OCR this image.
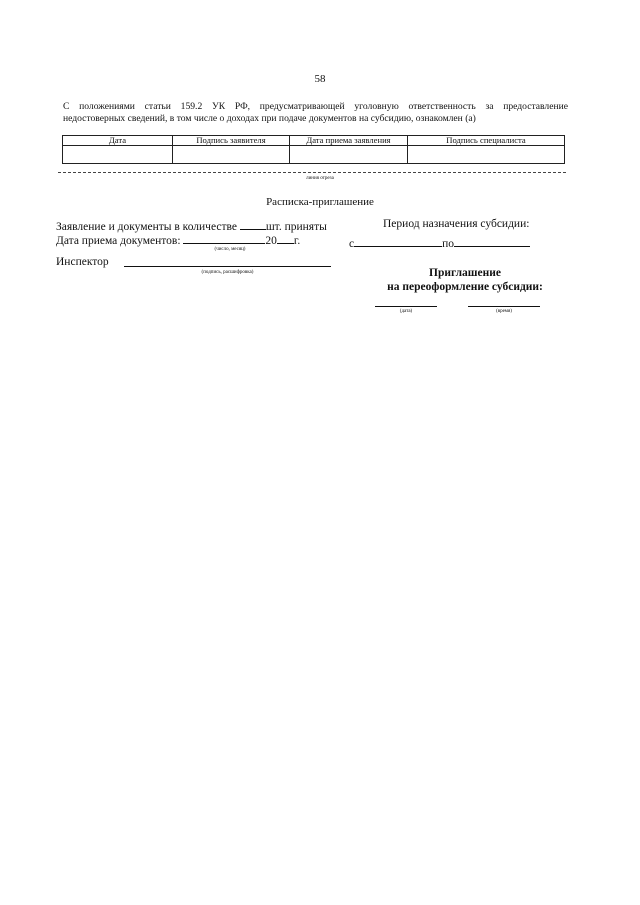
58
С положениями статьи 159.2 УК РФ, предусматривающей уголовную ответственность за предоставление
недостоверных сведений, в том числе о доходах при подаче документов на субсидию, ознакомлен (а)
Дата	Подпись заявителя	Дата приема заявления	Подпись специалиста

линия отреза
Расписка-приглашение
Заявление и документы в количестве	шт. приняты
Дата приема документов:	20 г.
(число, месяц)
Инспектор
(подпись, расшифровка)
Период назначения субсидии:
с	по
Приглашение
на переоформление субсидии:
(дата)	(время)
